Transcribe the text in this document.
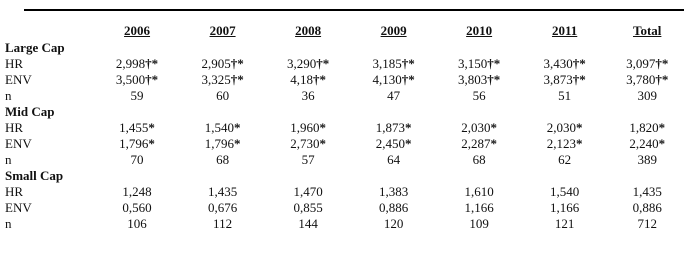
	2006	2007	2008	2009	2010	2011	Total
Large Cap							
HR	2,998†*	2,905†*	3,290†*	3,185†*	3,150†*	3,430†*	3,097†*
ENV	3,500†*	3,325†*	4,18†*	4,130†*	3,803†*	3,873†*	3,780†*
n	59	60	36	47	56	51	309
Mid Cap							
HR	1,455*	1,540*	1,960*	1,873*	2,030*	2,030*	1,820*
ENV	1,796*	1,796*	2,730*	2,450*	2,287*	2,123*	2,240*
n	70	68	57	64	68	62	389
Small Cap							
HR	1,248	1,435	1,470	1,383	1,610	1,540	1,435
ENV	0,560	0,676	0,855	0,886	1,166	1,166	0,886
n	106	112	144	120	109	121	712
